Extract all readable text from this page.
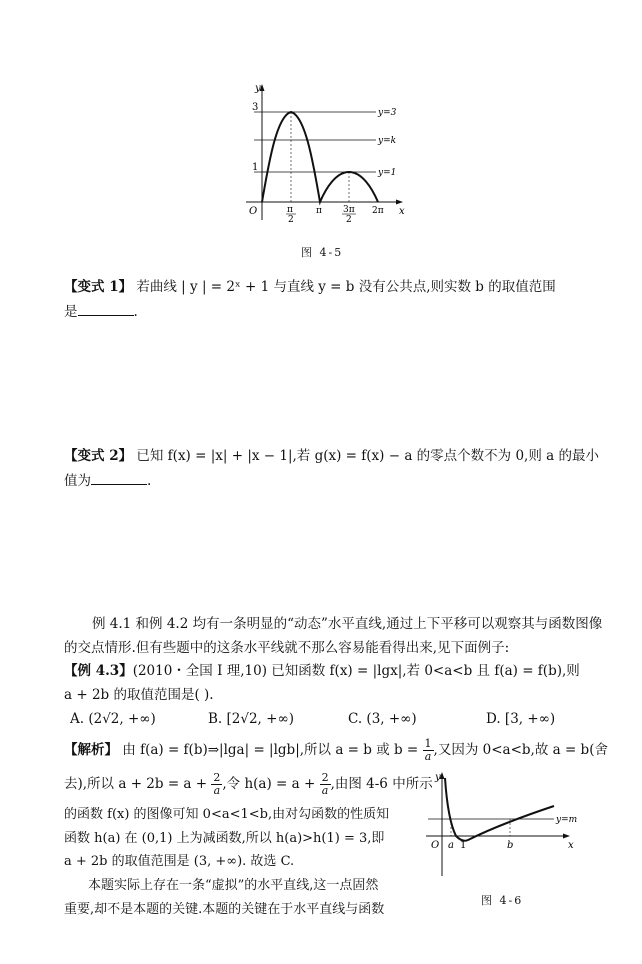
y
x
O
3
1
π
2
π 3π
2
2π
y=3
y=k
y=1
图 4-5
【变式 1】 若曲线 | y | = 2ˣ + 1 与直线 y = b 没有公共点,则实数 b 的取值范围
是	.
【变式 2】 已知 f(x) = |x| + |x − 1|,若 g(x) = f(x) − a 的零点个数不为 0,则 a 的最小
值为	.
例 4.1 和例 4.2 均有一条明显的“动态”水平直线,通过上下平移可以观察其与函数图像
的交点情形.但有些题中的这条水平线就不那么容易能看得出来,见下面例子:
【例 4.3】(2010・全国 Ⅰ 理,10) 已知函数 f(x) = |lgx|,若 0<a<b 且 f(a) = f(b),则
a + 2b 的取值范围是( ).
A. (2√2, +∞)	B. [2√2, +∞)	C. (3, +∞)	D. [3, +∞)
【解析】 由 f(a) = f(b)⇒|lga| = |lgb|,所以 a = b 或 $b = \frac{1}{a}$ ,又因为 0<a<b,故 a = b(舍
去),所以 $a + 2b = a + \frac{2}{a}$ ,令 $h(a) = a + \frac{2}{a}$ ,由图 4-6 中所示
的函数 f(x) 的图像可知 0<a<1<b,由对勾函数的性质知
函数 h(a) 在 (0,1) 上为减函数,所以 h(a)>h(1) = 3,即
a + 2b 的取值范围是 (3, +∞). 故选 C.
本题实际上存在一条“虚拟”的水平直线,这一点固然
重要,却不是本题的关键.本题的关键在于水平直线与函数
y
x
O a 1	b
y=m
图 4-6
